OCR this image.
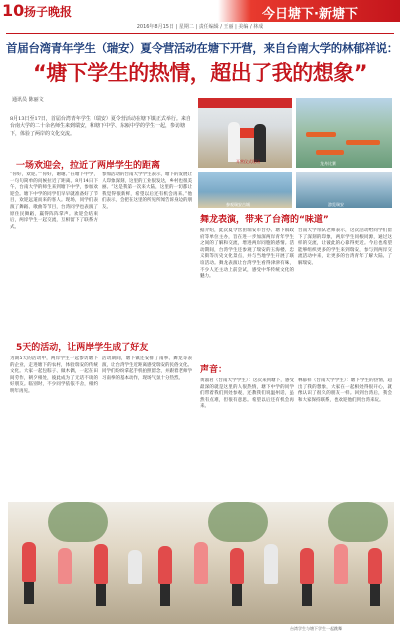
10 扬子晚报	今日塘下·新塘下
2016年8月15日 | 星期二 | 责任编辑 / 王丽 | 美编 / 林成
首届台湾青年学生（瑞安）夏令营活动在塘下开营，来自台南大学的林郁祥说：
“塘下学生的热情，超出了我的想象”
通讯员 陈丽文
8月13日至17日，首届台湾青年学生（瑞安）夏令营活动在塘下镇正式举行。来自台南大学的二十余名师生来到瑞安，和塘下中学、东瓯中学的学生一起，参访塘下，体验了两岸的文化交流。
一场欢迎会，拉近了两岸学生的距离
“你好，欢迎。”“你好，谢谢。”在塘下中学，一句句简单的问候拉近了距离。8月14日下午，台南大学的师生来到塘下中学，参加欢迎会。塘下中学的同学们早早就准备好了节目，欢迎远道而来的客人。现场，同学们表演了舞蹈、歌曲等节目，台湾同学也表演了原住民舞蹈，赢得阵阵掌声。欢迎会结束后，两岸学生一起交流，互相留下了联系方式。
参加活动的台南大学学生表示，塘下的发展让人印象深刻，这里的工业很发达，乡村也很美丽。“这是我第一次来大陆，这里的一切都让我觉得很新鲜，希望以后还有机会再来。”他们表示，会把在这里的所见所闻告诉身边的朋友。
5天的活动，让两岸学生成了好友
为期5天的活动中，两岸学生一起参访塘下的企业，走进塘下的农村，体验瑞安的传统文化。大家一起包粽子、做木偶，一起在田间劳作，朝夕相处，彼此成为了无话不谈的好朋友。临别时，不少同学依依不舍，相约明年再见。
活动期间，塘下镇还安排了南拳、舞龙等表演，让台湾学生近距离感受瑞安的民俗文化。同学们纷纷拿起手机拍照留念，并跟着老师学习南拳的基本动作，现场气氛十分热烈。
龙舟比赛
参观瑞安古城	游览瑞安
舞龙表演，带来了台湾的“味道”
据介绍，此次夏令营由瑞安市台办、塘下镇政府等单位主办，旨在进一步加深两岸青年学生之间的了解和交流，增进两岸同胞的感情。活动期间，台湾学生还参观了瑞安的玉海楼、忠义街等历史文化景点，并与当地学生开展了联谊活动。舞龙表演让台湾学生看得津津有味，不少人还主动上前尝试，感受中华传统文化的魅力。
台南大学带队老师表示，这次活动给同学们留下了深刻的印象，两岸学生同根同源，通过这样的交流，让彼此的心靠得更近。今后也希望能够组织更多的学生来到瑞安，参与到两岸交流活动中来，让更多的台湾青年了解大陆、了解瑞安。
声音：
黄淑君（台南大学学生）：这次来到塘下，感受最深的就是这里的人很热情，塘下中学的同学们带着我们到处参观，还教我们说温州话，虽然有点难，但很有意思。希望以后还有机会再来。
林郁祥（台南大学学生）：塘下学生的热情，超出了我的想象，大家在一起相处得很开心，就像认识了很久的朋友一样。回到台湾后，我会和大家保持联系，也欢迎他们到台湾来玩。
台湾学生与塘下学生一起跳舞
开营仪式现场
